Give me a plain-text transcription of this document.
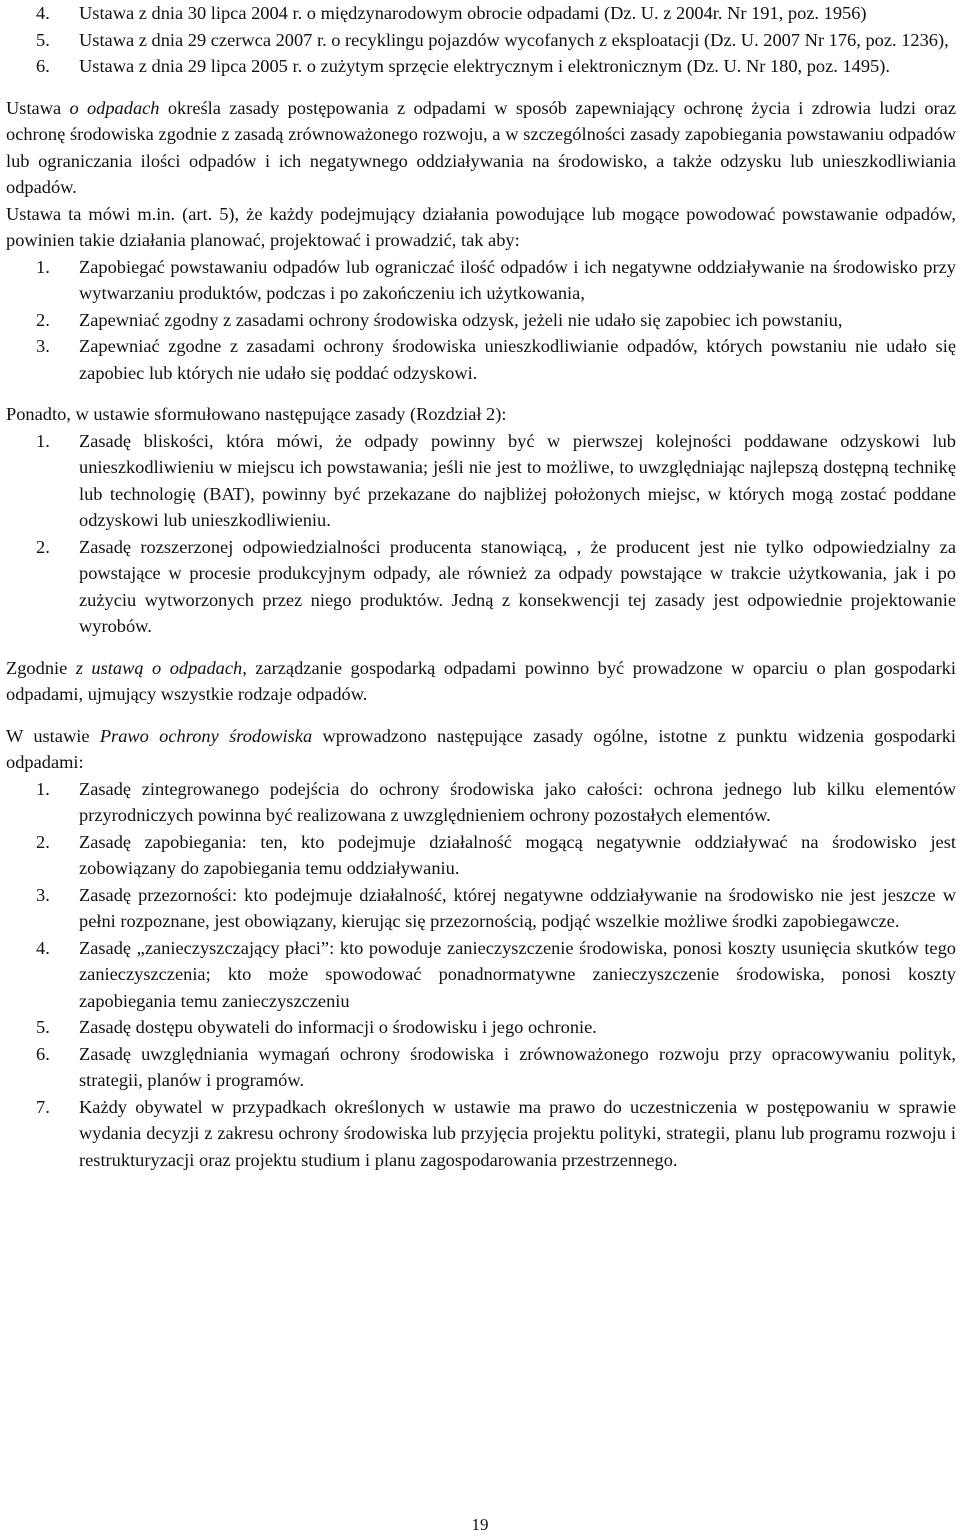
4.	Ustawa z dnia 30 lipca 2004 r. o międzynarodowym obrocie odpadami (Dz. U. z 2004r. Nr 191, poz. 1956)
5.	Ustawa z dnia 29 czerwca 2007 r. o recyklingu pojazdów wycofanych z eksploatacji (Dz. U. 2007 Nr 176, poz. 1236),
6.	Ustawa z dnia 29 lipca 2005 r. o zużytym sprzęcie elektrycznym i elektronicznym (Dz. U. Nr 180, poz. 1495).

Ustawa o odpadach określa zasady postępowania z odpadami w sposób zapewniający ochronę życia i zdrowia ludzi oraz ochronę środowiska zgodnie z zasadą zrównoważonego rozwoju, a w szczególności zasady zapobiegania powstawaniu odpadów lub ograniczania ilości odpadów i ich negatywnego oddziaływania na środowisko, a także odzysku lub unieszkodliwiania odpadów.

Ustawa ta mówi m.in. (art. 5), że każdy podejmujący działania powodujące lub mogące powodować powstawanie odpadów, powinien takie działania planować, projektować i prowadzić, tak aby:

1.	Zapobiegać powstawaniu odpadów lub ograniczać ilość odpadów i ich negatywne oddziaływanie na środowisko przy wytwarzaniu produktów, podczas i po zakończeniu ich użytkowania,
2.	Zapewniać zgodny z zasadami ochrony środowiska odzysk, jeżeli nie udało się zapobiec ich powstaniu,
3.	Zapewniać zgodne z zasadami ochrony środowiska unieszkodliwianie odpadów, których powstaniu nie udało się zapobiec lub których nie udało się poddać odzyskowi.

Ponadto, w ustawie sformułowano następujące zasady (Rozdział 2):

1.	Zasadę bliskości, która mówi, że odpady powinny być w pierwszej kolejności poddawane odzyskowi lub unieszkodliwieniu w miejscu ich powstawania; jeśli nie jest to możliwe, to uwzględniając najlepszą dostępną technikę lub technologię (BAT), powinny być przekazane do najbliżej położonych miejsc, w których mogą zostać poddane odzyskowi lub unieszkodliwieniu.
2.	Zasadę rozszerzonej odpowiedzialności producenta stanowiącą, , że producent jest nie tylko odpowiedzialny za powstające w procesie produkcyjnym odpady, ale również za odpady powstające w trakcie użytkowania, jak i po zużyciu wytworzonych przez niego produktów. Jedną z konsekwencji tej zasady jest odpowiednie projektowanie wyrobów.

Zgodnie z ustawą o odpadach, zarządzanie gospodarką odpadami powinno być prowadzone w oparciu o plan gospodarki odpadami, ujmujący wszystkie rodzaje odpadów.

W ustawie Prawo ochrony środowiska wprowadzono następujące zasady ogólne, istotne z punktu widzenia gospodarki odpadami:

1.	Zasadę zintegrowanego podejścia do ochrony środowiska jako całości: ochrona jednego lub kilku elementów przyrodniczych powinna być realizowana z uwzględnieniem ochrony pozostałych elementów.
2.	Zasadę zapobiegania: ten, kto podejmuje działalność mogącą negatywnie oddziaływać na środowisko jest zobowiązany do zapobiegania temu oddziaływaniu.
3.	Zasadę przezorności: kto podejmuje działalność, której negatywne oddziaływanie na środowisko nie jest jeszcze w pełni rozpoznane, jest obowiązany, kierując się przezornością, podjąć wszelkie możliwe środki zapobiegawcze.
4.	Zasadę „zanieczyszczający płaci”: kto powoduje zanieczyszczenie środowiska, ponosi koszty usunięcia skutków tego zanieczyszczenia; kto może spowodować ponadnormatywne zanieczyszczenie środowiska, ponosi koszty zapobiegania temu zanieczyszczeniu
5.	Zasadę dostępu obywateli do informacji o środowisku i jego ochronie.
6.	Zasadę uwzględniania wymagań ochrony środowiska i zrównoważonego rozwoju przy opracowywaniu polityk, strategii, planów i programów.
7.	Każdy obywatel w przypadkach określonych w ustawie ma prawo do uczestniczenia w postępowaniu w sprawie wydania decyzji z zakresu ochrony środowiska lub przyjęcia projektu polityki, strategii, planu lub programu rozwoju i restrukturyzacji oraz projektu studium i planu zagospodarowania przestrzennego.
19
